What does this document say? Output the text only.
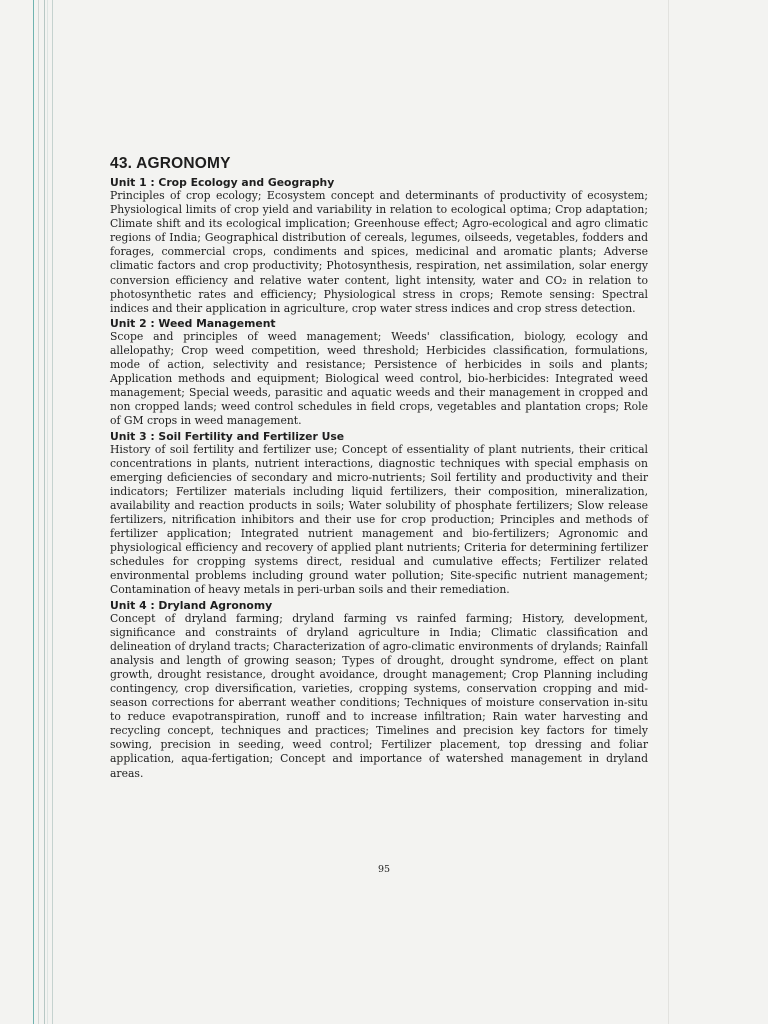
43. AGRONOMY
Unit 1 : Crop Ecology and Geography

Principles of crop ecology; Ecosystem concept and determinants of productivity of ecosystem; Physiological limits of crop yield and variability in relation to ecological optima; Crop adaptation; Climate shift and its ecological implication; Greenhouse effect; Agro-ecological and agro climatic regions of India; Geographical distribution of cereals, legumes, oilseeds, vegetables, fodders and forages, commercial crops, condiments and spices, medicinal and aromatic plants; Adverse climatic factors and crop productivity; Photosynthesis, respiration, net assimilation, solar energy conversion efficiency and relative water content, light intensity, water and CO₂ in relation to photosynthetic rates and efficiency; Physiological stress in crops; Remote sensing: Spectral indices and their application in agriculture, crop water stress indices and crop stress detection.

Unit 2 : Weed Management

Scope and principles of weed management; Weeds' classification, biology, ecology and allelopathy; Crop weed competition, weed threshold; Herbicides classification, formulations, mode of action, selectivity and resistance; Persistence of herbicides in soils and plants; Application methods and equipment; Biological weed control, bio-herbicides: Integrated weed management; Special weeds, parasitic and aquatic weeds and their management in cropped and non cropped lands; weed control schedules in field crops, vegetables and plantation crops; Role of GM crops in weed management.

Unit 3 : Soil Fertility and Fertilizer Use

History of soil fertility and fertilizer use; Concept of essentiality of plant nutrients, their critical concentrations in plants, nutrient interactions, diagnostic techniques with special emphasis on emerging deficiencies of secondary and micro-nutrients; Soil fertility and productivity and their indicators; Fertilizer materials including liquid fertilizers, their composition, mineralization, availability and reaction products in soils; Water solubility of phosphate fertilizers; Slow release fertilizers, nitrification inhibitors and their use for crop production; Principles and methods of fertilizer application; Integrated nutrient management and bio-fertilizers; Agronomic and physiological efficiency and recovery of applied plant nutrients; Criteria for determining fertilizer schedules for cropping systems direct, residual and cumulative effects; Fertilizer related environmental problems including ground water pollution; Site-specific nutrient management; Contamination of heavy metals in peri-urban soils and their remediation.

Unit 4 : Dryland Agronomy

Concept of dryland farming; dryland farming vs rainfed farming; History, development, significance and constraints of dryland agriculture in India; Climatic classification and delineation of dryland tracts; Characterization of agro-climatic environments of drylands; Rainfall analysis and length of growing season; Types of drought, drought syndrome, effect on plant growth, drought resistance, drought avoidance, drought management; Crop Planning including contingency, crop diversification, varieties, cropping systems, conservation cropping and mid-season corrections for aberrant weather conditions; Techniques of moisture conservation in-situ to reduce evapotranspiration, runoff and to increase infiltration; Rain water harvesting and recycling concept, techniques and practices; Timelines and precision key factors for timely sowing, precision in seeding, weed control; Fertilizer placement, top dressing and foliar application, aqua-fertigation; Concept and importance of watershed management in dryland areas.

95
